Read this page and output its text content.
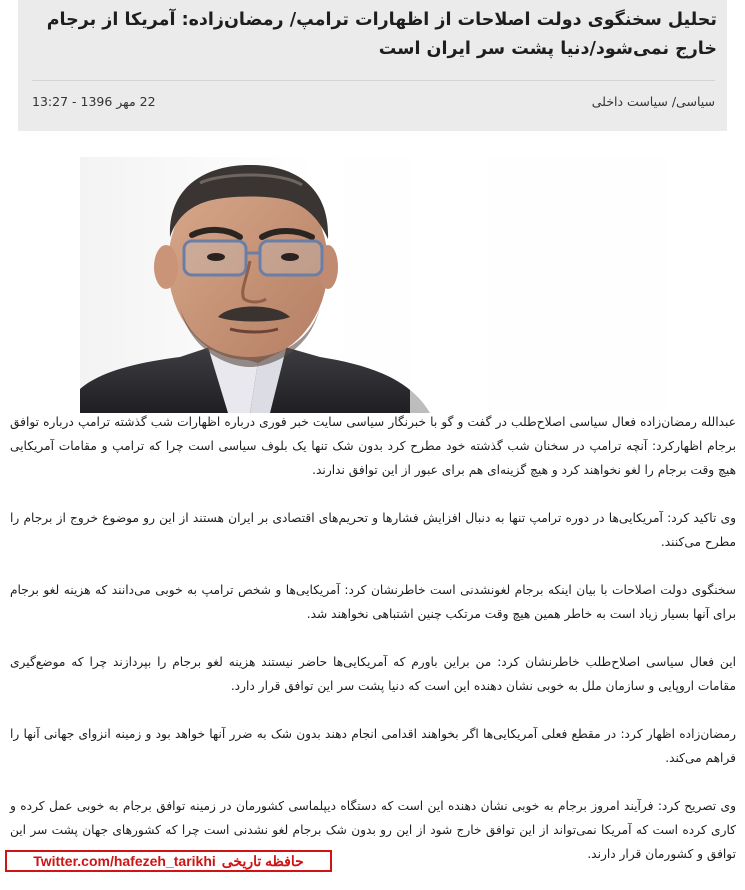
تحلیل سخنگوی دولت اصلاحات از اظهارات ترامپ/ رمضان‌زاده: آمریکا از برجام خارج نمی‌شود/دنیا پشت سر ایران است
سیاسی/ سیاست داخلی
22 مهر 1396 - 13:27

عبدالله رمضان‌زاده فعال سیاسی اصلاح‌طلب در گفت و گو با خبرنگار سیاسی سایت خبر فوری درباره اظهارات شب گذشته ترامپ درباره توافق برجام اظهارکرد: آنچه ترامپ در سخنان شب گذشته خود مطرح کرد بدون شک تنها یک بلوف سیاسی است چرا که ترامپ و مقامات آمریکایی هیچ وقت برجام را لغو نخواهند کرد و هیچ گزینه‌ای هم برای عبور از این توافق ندارند.

وی تاکید کرد: آمریکایی‌ها در دوره ترامپ تنها به دنبال افزایش فشارها و تحریم‌های اقتصادی بر ایران هستند از این رو موضوع خروج از برجام را مطرح می‌کنند.

سخنگوی دولت اصلاحات با بیان اینکه برجام لغونشدنی است خاطرنشان کرد: آمریکایی‌ها و شخص ترامپ به خوبی می‌دانند که هزینه لغو برجام برای آنها بسیار زیاد است به خاطر همین هیچ وقت مرتکب چنین اشتباهی نخواهند شد.

این فعال سیاسی اصلاح‌طلب خاطرنشان کرد: من براین باورم که آمریکایی‌ها حاضر نیستند هزینه لغو برجام را بپردازند چرا که موضع‌گیری مقامات اروپایی و سازمان ملل به خوبی نشان دهنده این است که دنیا پشت سر این توافق قرار دارد.

رمضان‌زاده اظهار کرد: در مقطع فعلی آمریکایی‌ها اگر بخواهند اقدامی انجام دهند بدون شک به ضرر آنها خواهد بود و زمینه انزوای جهانی آنها را فراهم می‌کند.

وی تصریح کرد: فرآیند امروز برجام به خوبی نشان دهنده این است که دستگاه دیپلماسی کشورمان در زمینه توافق برجام به خوبی عمل کرده و کاری کرده است که آمریکا نمی‌تواند از این توافق خارج شود از این رو بدون شک برجام لغو نشدنی است چرا که کشورهای جهان پشت سر این توافق و کشورمان قرار دارند.

Twitter.com/hafezeh_tarikhi حافظه تاریخی
